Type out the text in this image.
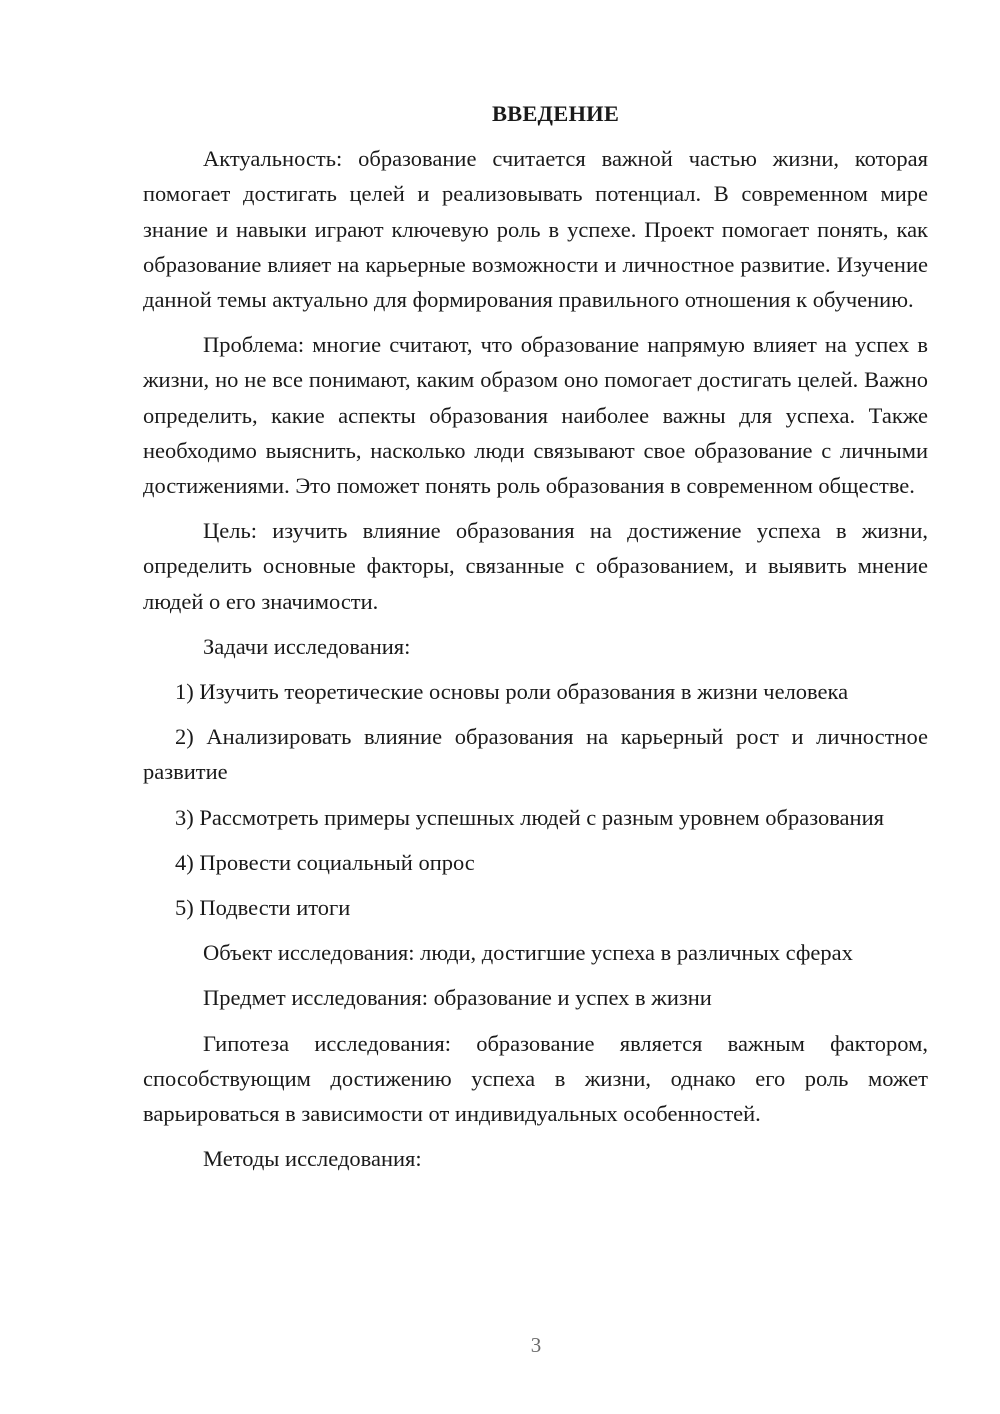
ВВЕДЕНИЕ

Актуальность: образование считается важной частью жизни, которая помогает достигать целей и реализовывать потенциал. В современном мире знание и навыки играют ключевую роль в успехе. Проект помогает понять, как образование влияет на карьерные возможности и личностное развитие. Изучение данной темы актуально для формирования правильного отношения к обучению.

Проблема: многие считают, что образование напрямую влияет на успех в жизни, но не все понимают, каким образом оно помогает достигать целей. Важно определить, какие аспекты образования наиболее важны для успеха. Также необходимо выяснить, насколько люди связывают свое образование с личными достижениями. Это поможет понять роль образования в современном обществе.

Цель: изучить влияние образования на достижение успеха в жизни, определить основные факторы, связанные с образованием, и выявить мнение людей о его значимости.

Задачи исследования:

1) Изучить теоретические основы роли образования в жизни человека

2) Анализировать влияние образования на карьерный рост и личностное развитие

3) Рассмотреть примеры успешных людей с разным уровнем образования

4) Провести социальный опрос

5) Подвести итоги

Объект исследования: люди, достигшие успеха в различных сферах

Предмет исследования: образование и успех в жизни

Гипотеза исследования: образование является важным фактором, способствующим достижению успеха в жизни, однако его роль может варьироваться в зависимости от индивидуальных особенностей.

Методы исследования:

3
